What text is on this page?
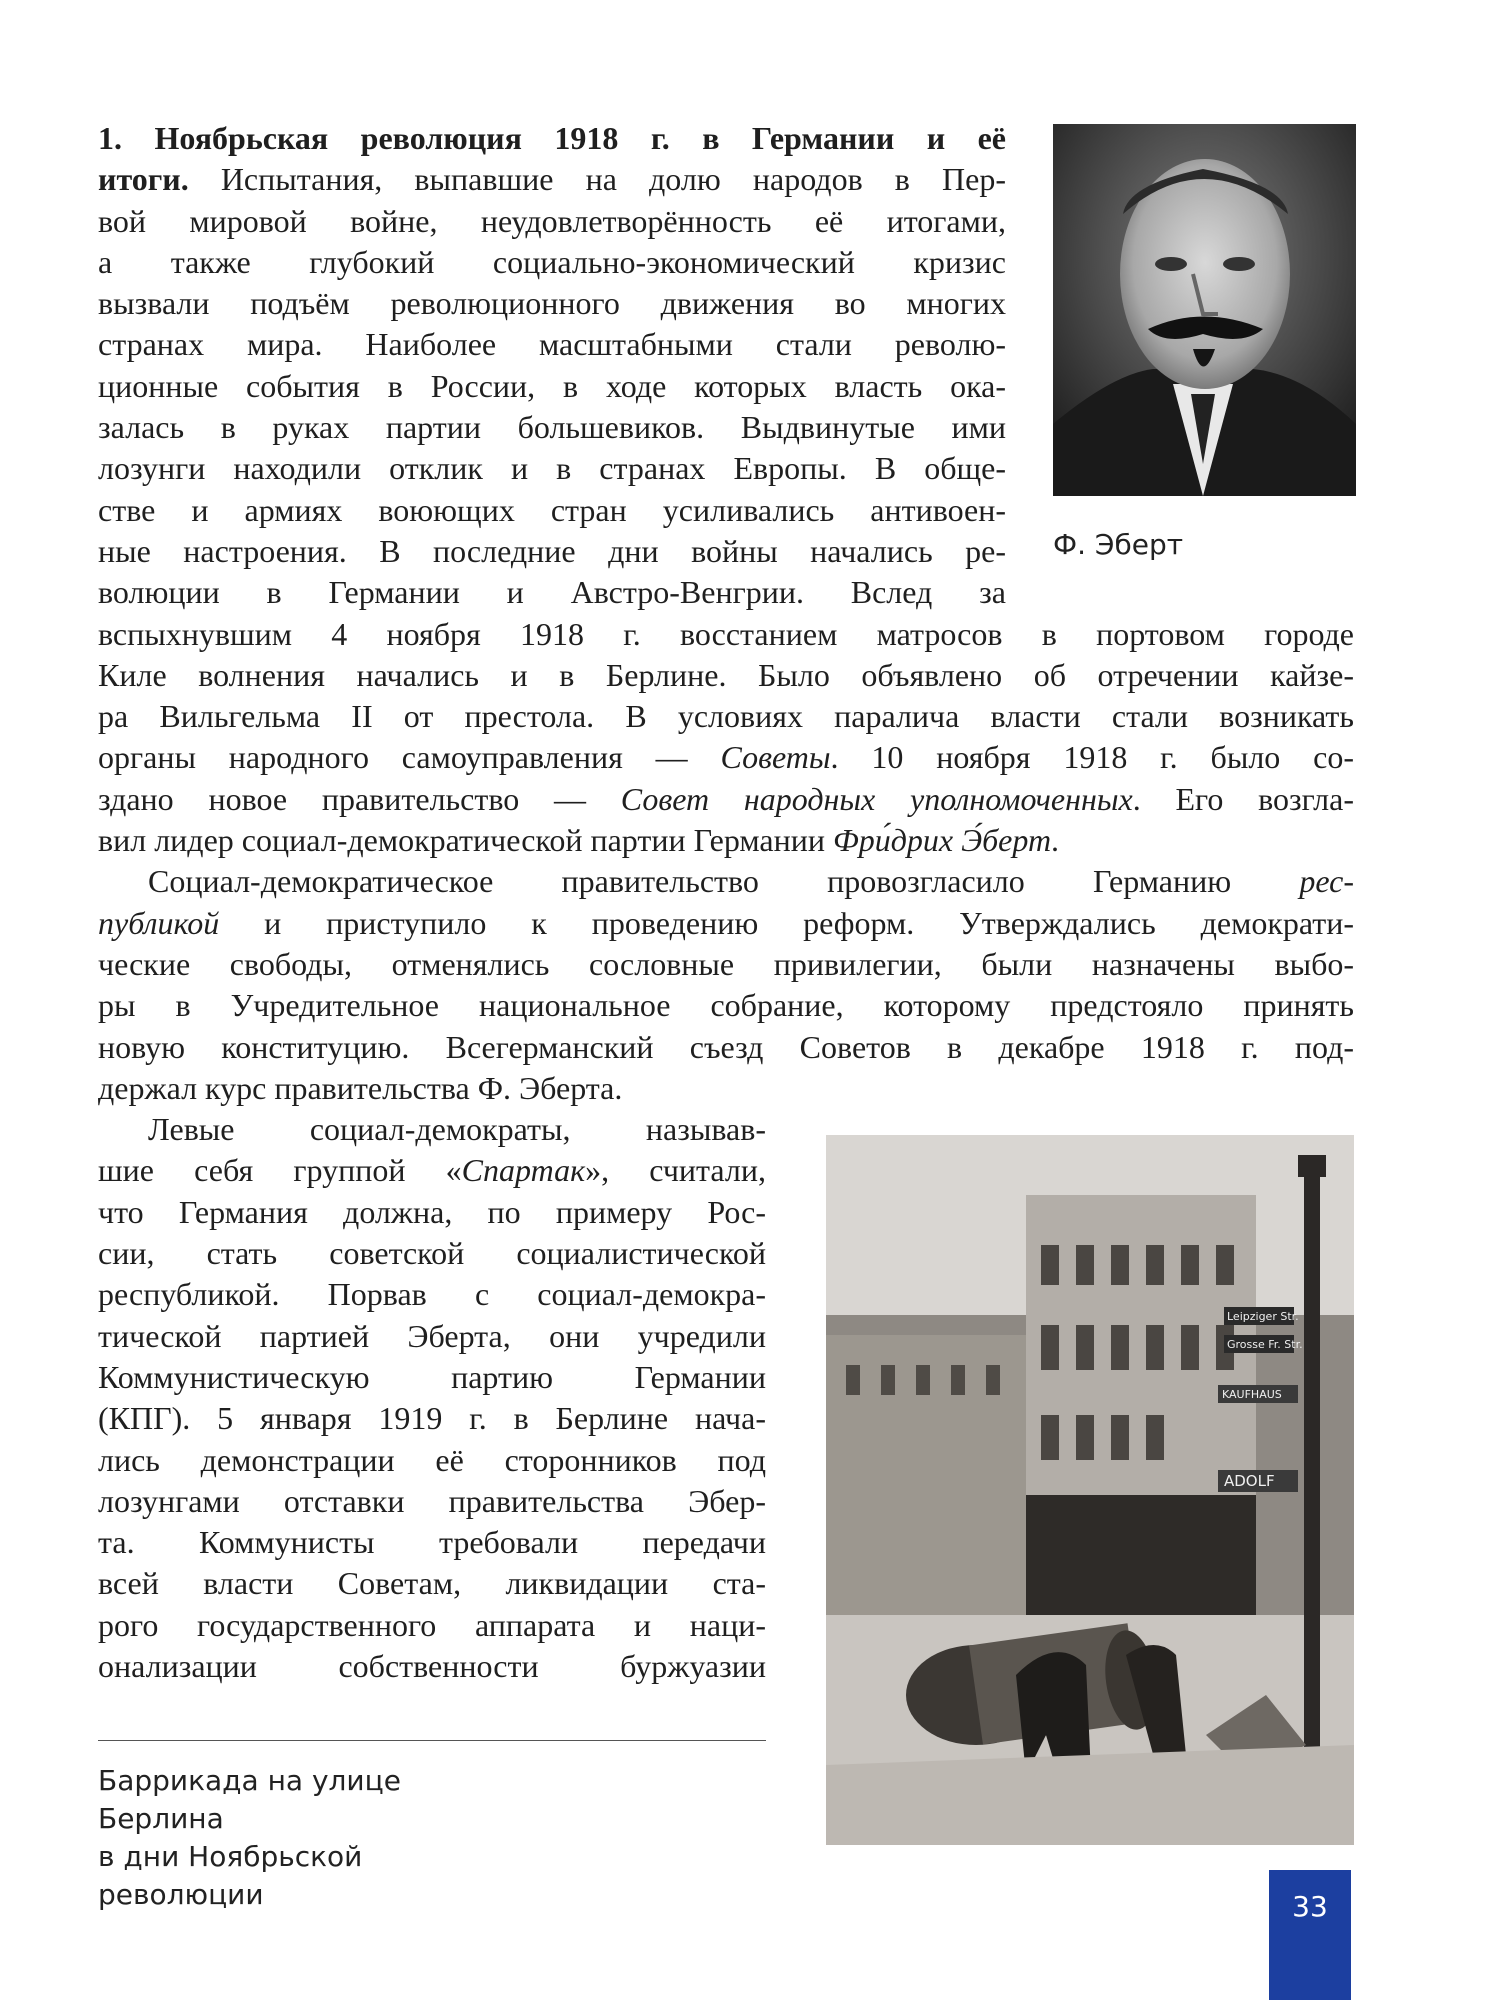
Ф. Эберт
1. Ноябрьская революция 1918 г. в Германии и её
итоги. Испытания, выпавшие на долю народов в Пер-
вой мировой войне, неудовлетворённость её итогами,
а также глубокий социально-экономический кризис
вызвали подъём революционного движения во многих
странах мира. Наиболее масштабными стали револю-
ционные события в России, в ходе которых власть ока-
залась в руках партии большевиков. Выдвинутые ими
лозунги находили отклик и в странах Европы. В обще-
стве и армиях воюющих стран усиливались антивоен-
ные настроения. В последние дни войны начались ре-
волюции в Германии и Австро-Венгрии. Вслед за
вспыхнувшим 4 ноября 1918 г. восстанием матросов в портовом городе
Киле волнения начались и в Берлине. Было объявлено об отречении кайзе-
ра Вильгельма II от престола. В условиях паралича власти стали возникать
органы народного самоуправления — Советы. 10 ноября 1918 г. было со-
здано новое правительство — Совет народных уполномоченных. Его возгла-
вил лидер социал-демократической партии Германии Фри́дрих Э́берт.
Социал-демократическое правительство провозгласило Германию рес-
публикой и приступило к проведению реформ. Утверждались демократи-
ческие свободы, отменялись сословные привилегии, были назначены выбо-
ры в Учредительное национальное собрание, которому предстояло принять
новую конституцию. Всегерманский съезд Советов в декабре 1918 г. под-
держал курс правительства Ф. Эберта.
Левые социал-демократы, называв-
шие себя группой «Спартак», считали,
что Германия должна, по примеру Рос-
сии, стать советской социалистической
республикой. Порвав с социал-демокра-
тической партией Эберта, они учредили
Коммунистическую партию Германии
(КПГ). 5 января 1919 г. в Берлине нача-
лись демонстрации её сторонников под
лозунгами отставки правительства Эбер-
та. Коммунисты требовали передачи
всей власти Советам, ликвидации ста-
рого государственного аппарата и наци-
онализации собственности буржуазии
Leipziger Str.
Grosse Fr. Str.
KAUFHAUS
ADOLF
Баррикада на улице Берлина
в дни Ноябрьской революции	33
